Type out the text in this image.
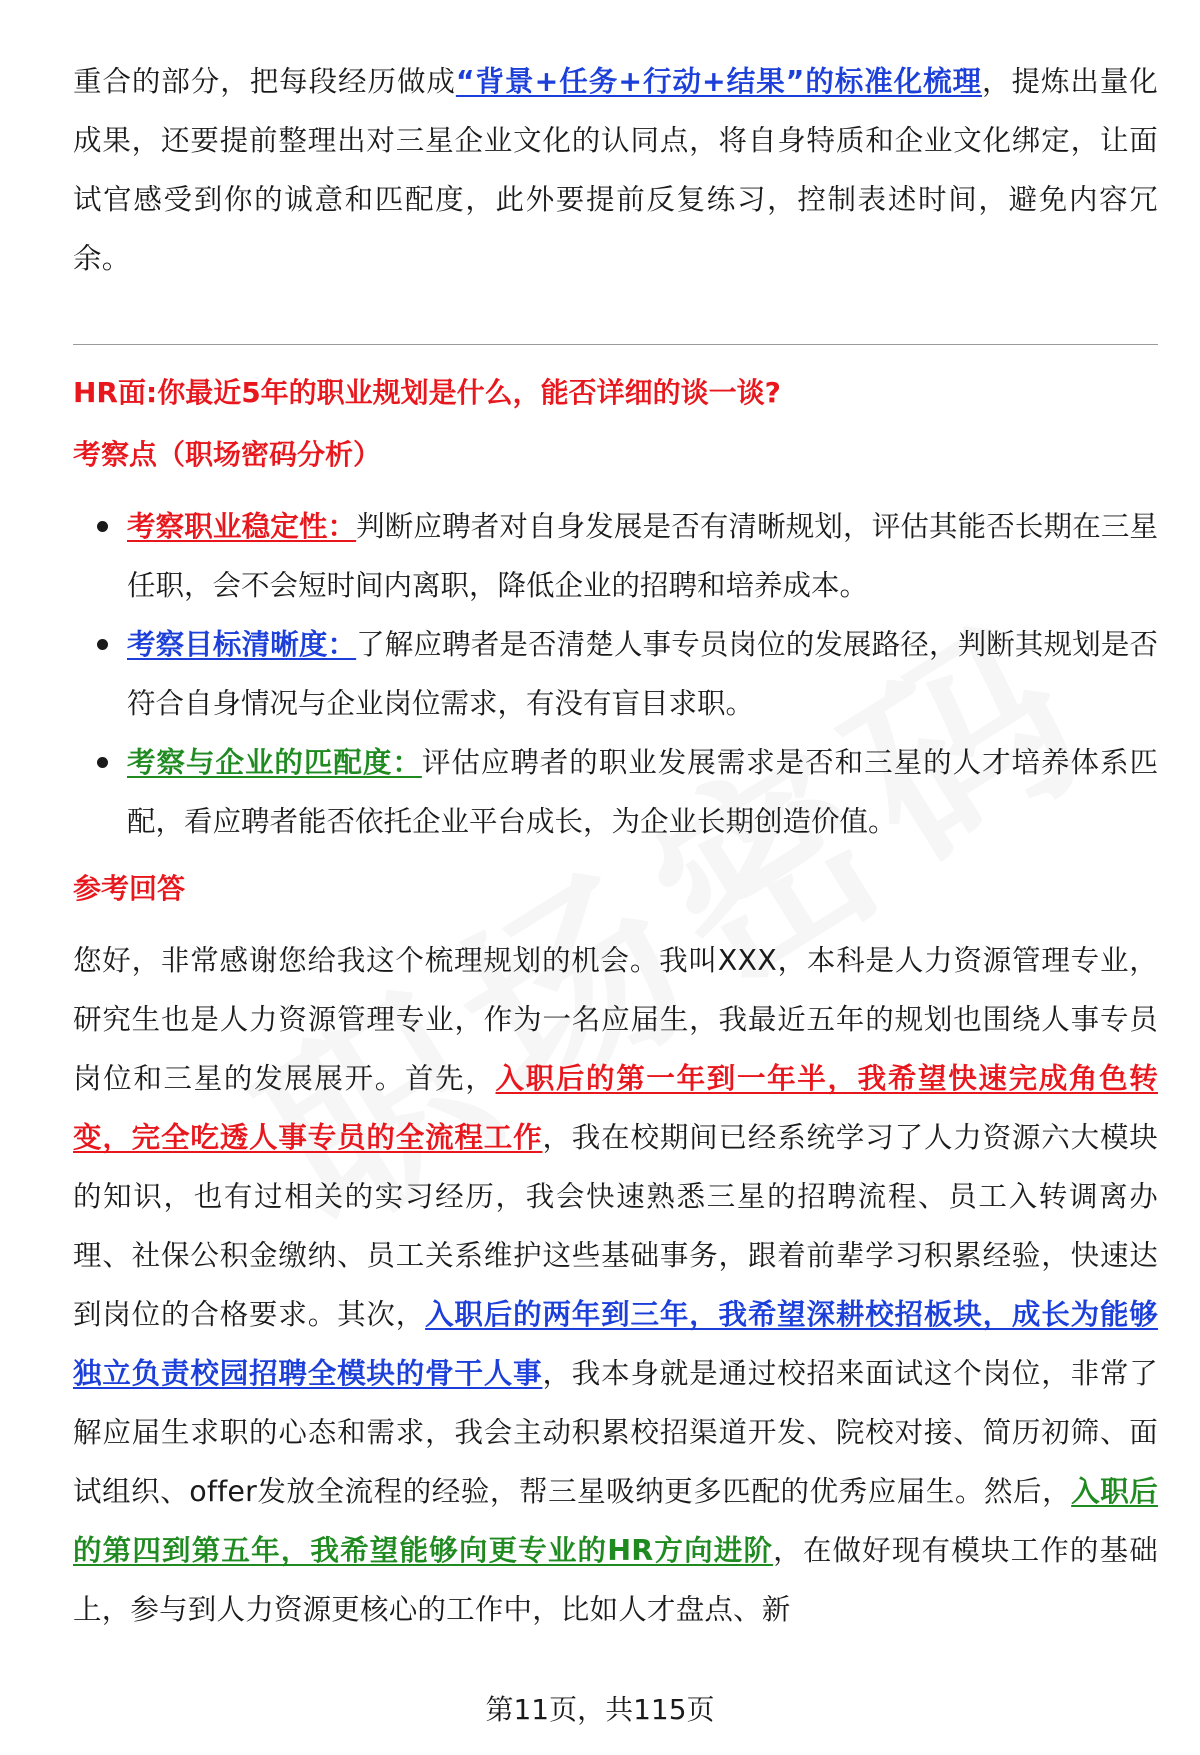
重合的部分，把每段经历做成“背景+任务+行动+结果”的标准化梳理，提炼出量化成果，还要提前整理出对三星企业文化的认同点，将自身特质和企业文化绑定，让面试官感受到你的诚意和匹配度，此外要提前反复练习，控制表述时间，避免内容冗余。

HR面:你最近5年的职业规划是什么，能否详细的谈一谈?
考察点（职场密码分析）
考察职业稳定性：判断应聘者对自身发展是否有清晰规划，评估其能否长期在三星任职，会不会短时间内离职，降低企业的招聘和培养成本。
考察目标清晰度：了解应聘者是否清楚人事专员岗位的发展路径，判断其规划是否符合自身情况与企业岗位需求，有没有盲目求职。
考察与企业的匹配度：评估应聘者的职业发展需求是否和三星的人才培养体系匹配，看应聘者能否依托企业平台成长，为企业长期创造价值。
参考回答

您好，非常感谢您给我这个梳理规划的机会。我叫XXX，本科是人力资源管理专业，研究生也是人力资源管理专业，作为一名应届生，我最近五年的规划也围绕人事专员岗位和三星的发展展开。首先，入职后的第一年到一年半，我希望快速完成角色转变，完全吃透人事专员的全流程工作，我在校期间已经系统学习了人力资源六大模块的知识，也有过相关的实习经历，我会快速熟悉三星的招聘流程、员工入转调离办理、社保公积金缴纳、员工关系维护这些基础事务，跟着前辈学习积累经验，快速达到岗位的合格要求。其次，入职后的两年到三年，我希望深耕校招板块，成长为能够独立负责校园招聘全模块的骨干人事，我本身就是通过校招来面试这个岗位，非常了解应届生求职的心态和需求，我会主动积累校招渠道开发、院校对接、简历初筛、面试组织、offer发放全流程的经验，帮三星吸纳更多匹配的优秀应届生。然后，入职后的第四到第五年，我希望能够向更专业的HR方向进阶，在做好现有模块工作的基础上，参与到人力资源更核心的工作中，比如人才盘点、新

第11页，共115页
